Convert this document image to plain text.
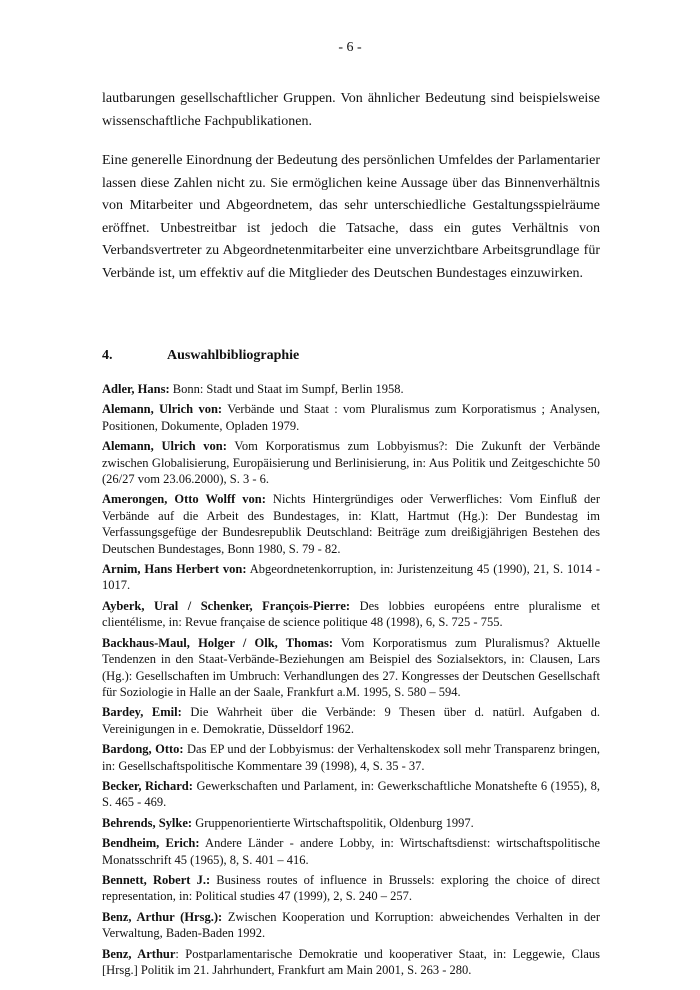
- 6 -

lautbarungen gesellschaftlicher Gruppen. Von ähnlicher Bedeutung sind beispielsweise wissenschaftliche Fachpublikationen.

Eine generelle Einordnung der Bedeutung des persönlichen Umfeldes der Parlamentarier lassen diese Zahlen nicht zu. Sie ermöglichen keine Aussage über das Binnenverhältnis von Mitarbeiter und Abgeordnetem, das sehr unterschiedliche Gestaltungsspielräume eröffnet. Unbestreitbar ist jedoch die Tatsache, dass ein gutes Verhältnis von Verbandsvertreter zu Abgeordnetenmitarbeiter eine unverzichtbare Arbeitsgrundlage für Verbände ist, um effektiv auf die Mitglieder des Deutschen Bundestages einzuwirken.

4.	Auswahlbibliographie
Adler, Hans: Bonn: Stadt und Staat im Sumpf, Berlin 1958.
Alemann, Ulrich von: Verbände und Staat : vom Pluralismus zum Korporatismus ; Analysen, Positionen, Dokumente, Opladen 1979.
Alemann, Ulrich von: Vom Korporatismus zum Lobbyismus?: Die Zukunft der Verbände zwischen Globalisierung, Europäisierung und Berlinisierung, in: Aus Politik und Zeitgeschichte 50 (26/27 vom 23.06.2000), S. 3 - 6.
Amerongen, Otto Wolff von: Nichts Hintergründiges oder Verwerfliches: Vom Einfluß der Verbände auf die Arbeit des Bundestages, in: Klatt, Hartmut (Hg.): Der Bundestag im Verfassungsgefüge der Bundesrepublik Deutschland: Beiträge zum dreißigjährigen Bestehen des Deutschen Bundestages, Bonn 1980, S. 79 - 82.
Arnim, Hans Herbert von: Abgeordnetenkorruption, in: Juristenzeitung 45 (1990), 21, S. 1014 - 1017.
Ayberk, Ural / Schenker, François-Pierre: Des lobbies européens entre pluralisme et clientélisme, in: Revue française de science politique 48 (1998), 6, S. 725 - 755.
Backhaus-Maul, Holger / Olk, Thomas: Vom Korporatismus zum Pluralismus? Aktuelle Tendenzen in den Staat-Verbände-Beziehungen am Beispiel des Sozialsektors, in: Clausen, Lars (Hg.): Gesellschaften im Umbruch: Verhandlungen des 27. Kongresses der Deutschen Gesellschaft für Soziologie in Halle an der Saale, Frankfurt a.M. 1995, S. 580 – 594.
Bardey, Emil: Die Wahrheit über die Verbände: 9 Thesen über d. natürl. Aufgaben d. Vereinigungen in e. Demokratie, Düsseldorf 1962.
Bardong, Otto: Das EP und der Lobbyismus: der Verhaltenskodex soll mehr Transparenz bringen, in: Gesellschaftspolitische Kommentare 39 (1998), 4, S. 35 - 37.
Becker, Richard: Gewerkschaften und Parlament, in: Gewerkschaftliche Monatshefte 6 (1955), 8, S. 465 - 469.
Behrends, Sylke: Gruppenorientierte Wirtschaftspolitik, Oldenburg 1997.
Bendheim, Erich: Andere Länder - andere Lobby, in: Wirtschaftsdienst: wirtschaftspolitische Monatsschrift 45 (1965), 8, S. 401 – 416.
Bennett, Robert J.: Business routes of influence in Brussels: exploring the choice of direct representation, in: Political studies 47 (1999), 2, S. 240 – 257.
Benz, Arthur (Hrsg.): Zwischen Kooperation und Korruption: abweichendes Verhalten in der Verwaltung, Baden-Baden 1992.
Benz, Arthur: Postparlamentarische Demokratie und kooperativer Staat, in: Leggewie, Claus [Hrsg.] Politik im 21. Jahrhundert, Frankfurt am Main 2001, S. 263 - 280.
